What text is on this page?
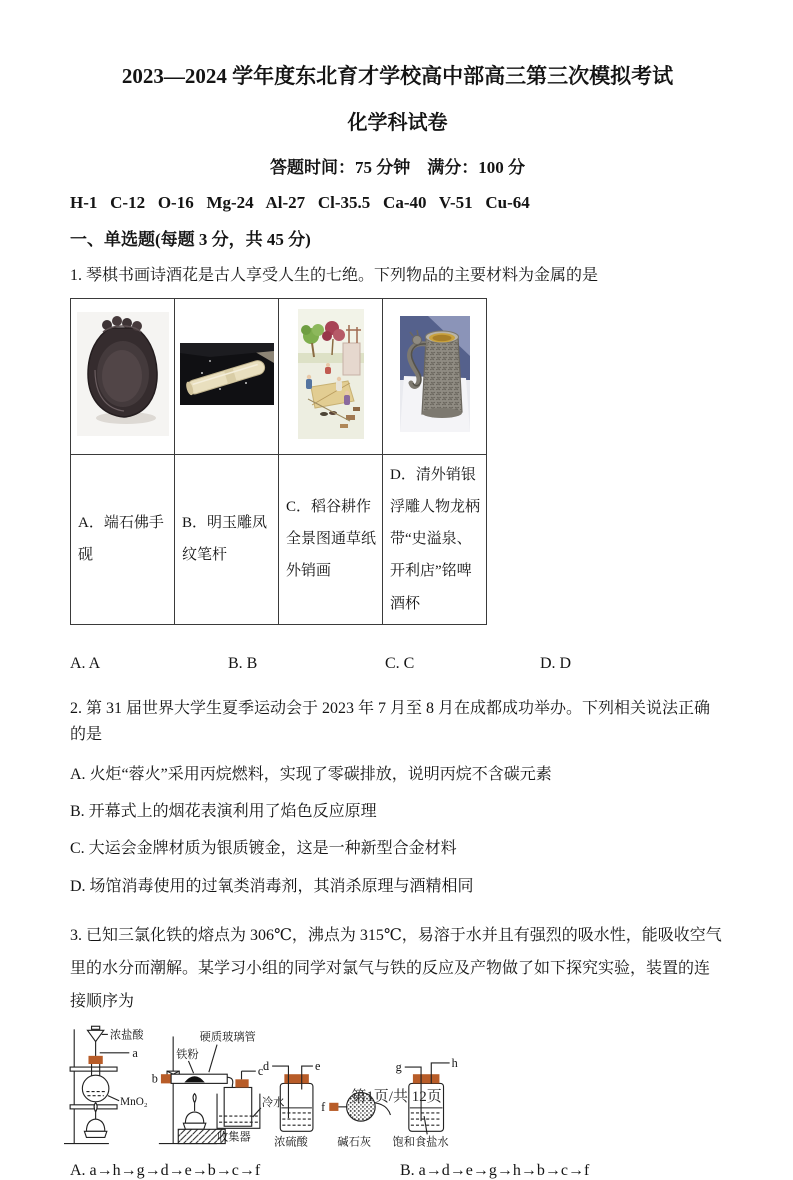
2023—2024 学年度东北育才学校高中部高三第三次模拟考试
化学科试卷
答题时间：75 分钟　满分：100 分
H-1   C-12   O-16   Mg-24   Al-27   Cl-35.5   Ca-40   V-51   Cu-64
一、单选题(每题 3 分，共 45 分)
1. 琴棋书画诗酒花是古人享受人生的七绝。下列物品的主要材料为金属的是

A．端石佛手砚	B．明玉雕凤纹笔杆	C．稻谷耕作全景图通草纸外销画	D．清外销银浮雕人物龙柄带“史溢泉、开利店”铭啤酒杯
A. A	B. B	C. C	D. D
2. 第 31 届世界大学生夏季运动会于 2023 年 7 月至 8 月在成都成功举办。下列相关说法正确的是
A. 火炬“蓉火”采用丙烷燃料，实现了零碳排放，说明丙烷不含碳元素
B. 开幕式上的烟花表演利用了焰色反应原理
C. 大运会金牌材质为银质镀金，这是一种新型合金材料
D. 场馆消毒使用的过氧类消毒剂，其消杀原理与酒精相同
3. 已知三氯化铁的熔点为 306℃，沸点为 315℃，易溶于水并且有强烈的吸水性，能吸收空气里的水分而潮解。某学习小组的同学对氯气与铁的反应及产物做了如下探究实验，装置的连接顺序为
浓盐酸
a
MnO₂
铁粉
硬质玻璃管
b
c
冷水
收集器
d	e
浓硫酸
f
碱石灰
g	h
饱和食盐水
A. a→h→g→d→e→b→c→f	B. a→d→e→g→h→b→c→f
第1页/共 12页
